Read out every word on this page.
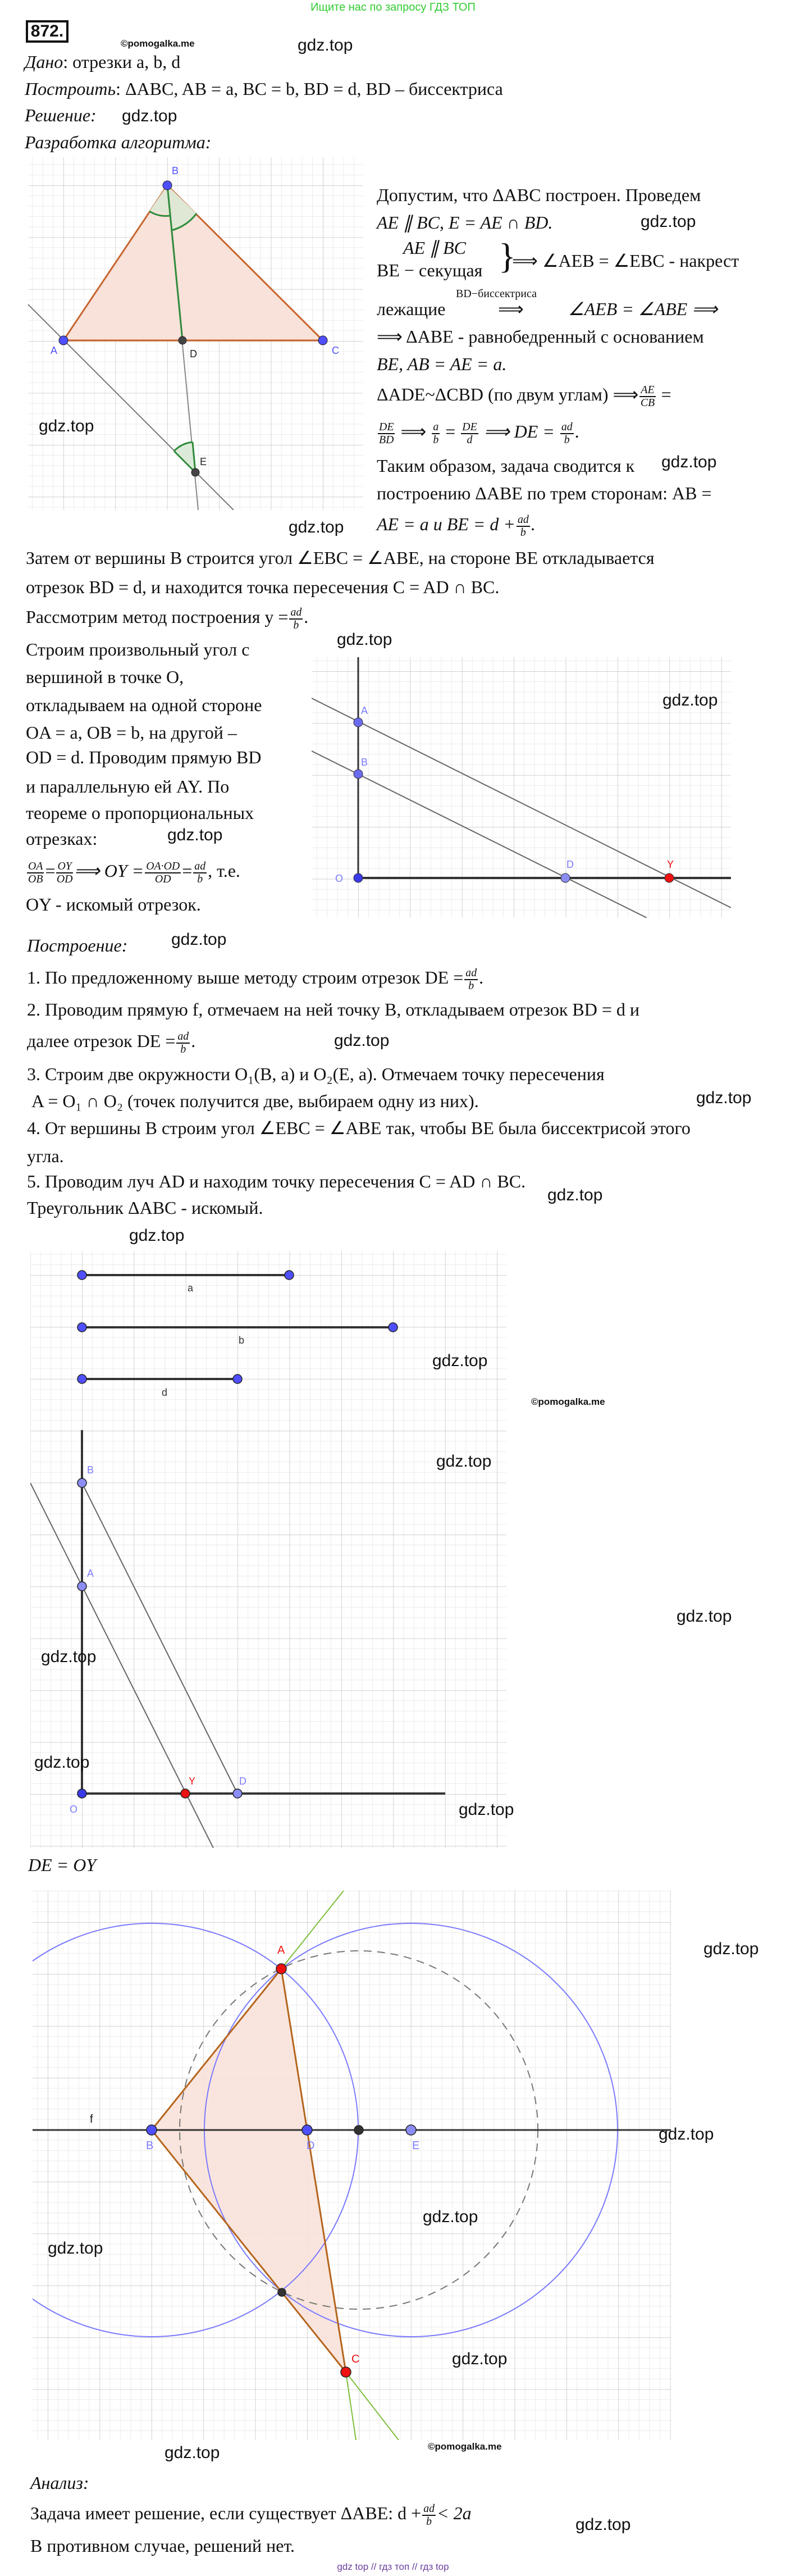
Ищите нас по запросу ГДЗ ТОП
872.
©pomogalka.me	gdz.top
Дано: отрезки a, b, d
Построить: ΔABC, AB = a, BC = b, BD = d, BD – биссектриса
Решение: gdz.top
Разработка алгоритма:
A
B
C
D
E
gdz.top
gdz.top
Допустим, что ΔABC построен. Проведем
AE ∥ BC, E = AE ∩ BD.	gdz.top
AE ∥ BC
BE − секущая }
⟹ ∠AEB = ∠EBC - накрест
BD−биссектриса
лежащие	⟹ ∠AEB = ∠ABE ⟹
⟹ ΔABE - равнобедренный с основанием
BE, AB = AE = a.
ΔADE~ΔCBD (по двум углам) ⟹ $\frac{AE}{CB}$ =
$\frac{DE}{BD}$ ⟹ $\frac{a}{b} = \frac{DE}{d}$ ⟹ DE = $\frac{ad}{b}$ .
Таким образом, задача сводится к gdz.top
построению ΔABE по трем сторонам: AB =
AE = a и BE = $d + \frac{ad}{b}$ .
Затем от вершины B строится угол ∠EBC = ∠ABE, на стороне BE откладывается
отрезок BD = d, и находится точка пересечения C = AD ∩ BC.
Рассмотрим метод построения $y = \frac{ad}{b}$ .
gdz.top
Строим произвольный угол с
вершиной в точке O,
откладываем на одной стороне
OA = a, OB = b, на другой –
OD = d. Проводим прямую BD
и параллельную ей AY. По
теореме о пропорциональных
отрезках:	gdz.top
$\frac{OA}{OB} = \frac{OY}{OD}$ ⟹ OY = $\frac{OA\cdot OD}{OD} = \frac{ad}{b}$ , т.е.
OY - искомый отрезок.
A
B
O
D	Y
gdz.top
Построение:	gdz.top
1. По предложенному выше методу строим отрезок DE = $\frac{ad}{b}$ .
2. Проводим прямую f, отмечаем на ней точку B, откладываем отрезок BD = d и
далее отрезок DE = $\frac{ad}{b}$ .	gdz.top
3. Строим две окружности O₁(B, a) и O₂(E, a). Отмечаем точку пересечения
A = O₁ ∩ O₂ (точек получится две, выбираем одну из них).	gdz.top
4. От вершины B строим угол ∠EBC = ∠ABE так, чтобы BE была биссектрисой этого
угла.
5. Проводим луч AD и находим точку пересечения C = AD ∩ BC.
gdz.top
Треугольник ΔABC - искомый.
gdz.top
a
b
d
B
A
O
Y	D
gdz.top
©pomogalka.me
gdz.top
gdz.top
gdz.top
gdz.top
gdz.top
DE = OY
A
B	D	E
C
f
gdz.top
gdz.top
gdz.top
gdz.top
gdz.top
gdz.top	©pomogalka.me
Анализ:
Задача имеет решение, если существует ΔABE: $d + \frac{ad}{b} < 2a$
gdz.top
В противном случае, решений нет.
gdz top // гдз топ // гдз top
